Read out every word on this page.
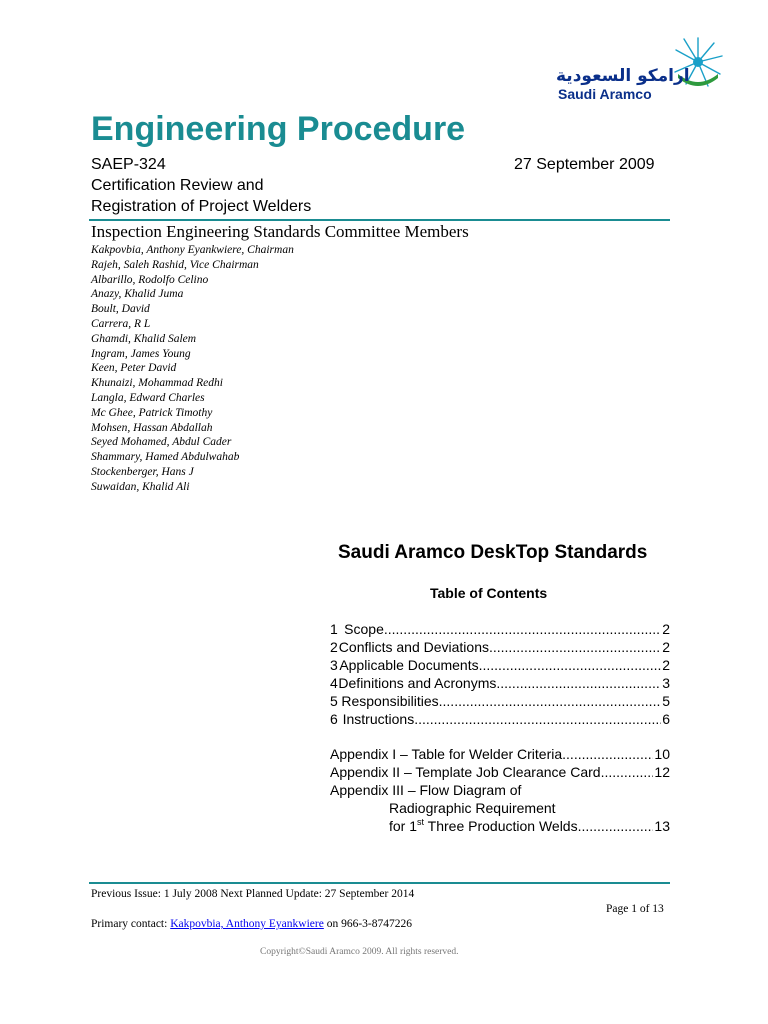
ارامكو السعودية
Saudi Aramco
Engineering Procedure
SAEP-324	27 September 2009
Certification Review and
Registration of Project Welders
Inspection Engineering Standards Committee Members
Kakpovbia, Anthony Eyankwiere, Chairman
Rajeh, Saleh Rashid, Vice Chairman
Albarillo, Rodolfo Celino
Anazy, Khalid Juma
Boult, David
Carrera, R L
Ghamdi, Khalid Salem
Ingram, James Young
Keen, Peter David
Khunaizi, Mohammad Redhi
Langla, Edward Charles
Mc Ghee, Patrick Timothy
Mohsen, Hassan Abdallah
Seyed Mohamed, Abdul Cader
Shammary, Hamed Abdulwahab
Stockenberger, Hans J
Suwaidan, Khalid Ali
Saudi Aramco DeskTop Standards
Table of Contents
1 Scope .....	2
2 Conflicts and Deviations .....	2
3 Applicable Documents .....	2
4 Definitions and Acronyms .....	3
5 Responsibilities .....	5
6 Instructions .....	6
Appendix I – Table for Welder Criteria .....	10
Appendix II – Template Job Clearance Card .....	12
Appendix III – Flow Diagram of
Radiographic Requirement
for 1st Three Production Welds .....	13
Previous Issue: 1 July 2008 Next Planned Update: 27 September 2014
Page 1 of 13
Primary contact: Kakpovbia, Anthony Eyankwiere on 966-3-8747226
Copyright©Saudi Aramco 2009. All rights reserved.
